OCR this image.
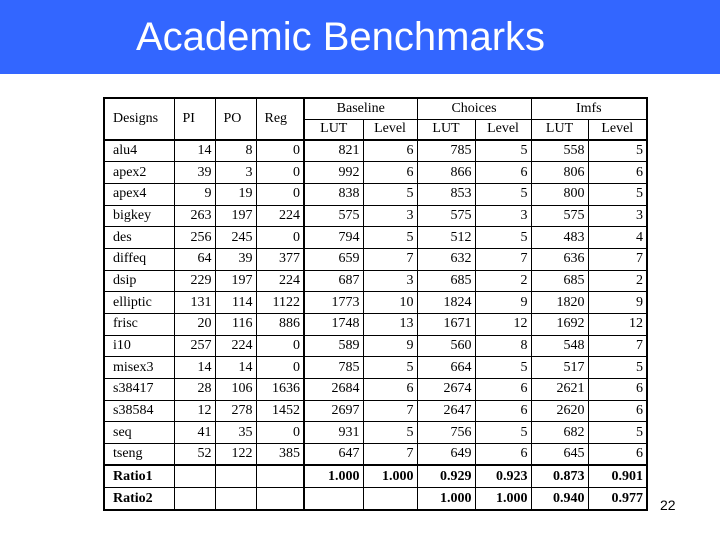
Academic Benchmarks
Designs	PI	PO	Reg	Baseline		Choices		Imfs	
				LUT	Level	LUT	Level	LUT	Level
alu4	14	8	0	821	6	785	5	558	5
apex2	39	3	0	992	6	866	6	806	6
apex4	9	19	0	838	5	853	5	800	5
bigkey	263	197	224	575	3	575	3	575	3
des	256	245	0	794	5	512	5	483	4
diffeq	64	39	377	659	7	632	7	636	7
dsip	229	197	224	687	3	685	2	685	2
elliptic	131	114	1122	1773	10	1824	9	1820	9
frisc	20	116	886	1748	13	1671	12	1692	12
i10	257	224	0	589	9	560	8	548	7
misex3	14	14	0	785	5	664	5	517	5
s38417	28	106	1636	2684	6	2674	6	2621	6
s38584	12	278	1452	2697	7	2647	6	2620	6
seq	41	35	0	931	5	756	5	682	5
tseng	52	122	385	647	7	649	6	645	6
Ratio1				1.000	1.000	0.929	0.923	0.873	0.901
Ratio2						1.000	1.000	0.940	0.977 22
